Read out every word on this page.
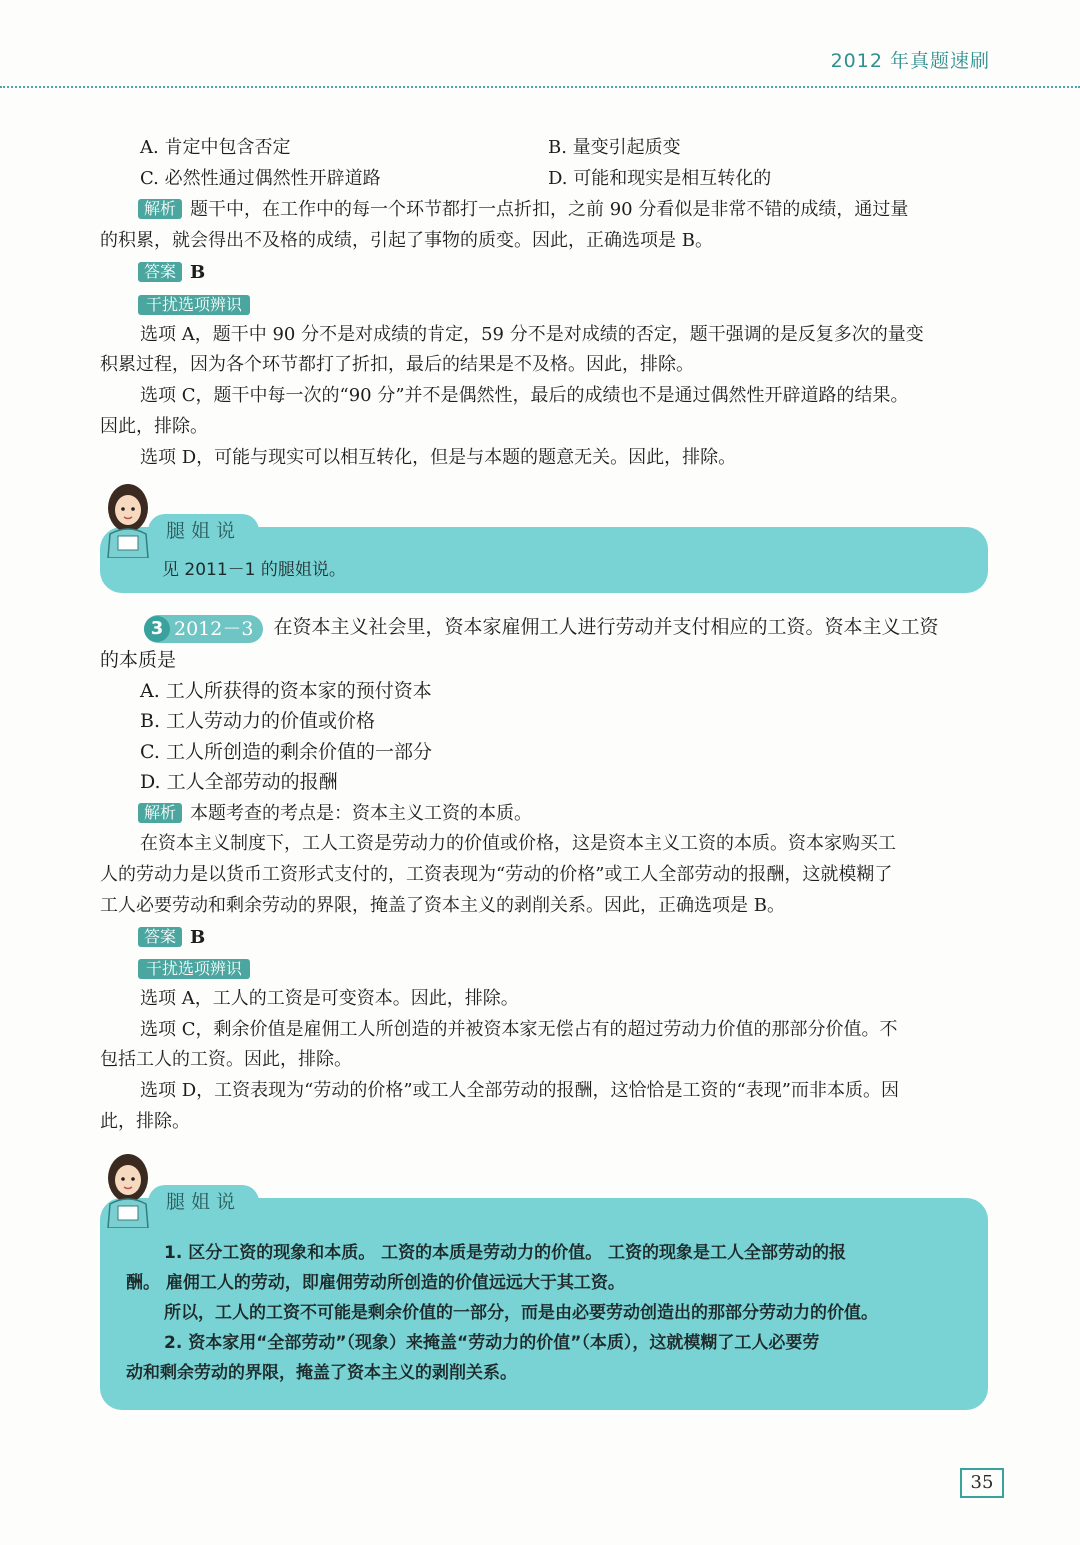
2012 年真题速刷
A. 肯定中包含否定	B. 量变引起质变
C. 必然性通过偶然性开辟道路	D. 可能和现实是相互转化的
解析 题干中，在工作中的每一个环节都打一点折扣，之前 90 分看似是非常不错的成绩，通过量
的积累，就会得出不及格的成绩，引起了事物的质变。因此，正确选项是 B。
答案 B
干扰选项辨识
选项 A，题干中 90 分不是对成绩的肯定，59 分不是对成绩的否定，题干强调的是反复多次的量变
积累过程，因为各个环节都打了折扣，最后的结果是不及格。因此，排除。
选项 C，题干中每一次的“90 分”并不是偶然性，最后的成绩也不是通过偶然性开辟道路的结果。
因此，排除。
选项 D，可能与现实可以相互转化，但是与本题的题意无关。因此，排除。
腿姐说
见 2011－1 的腿姐说。
3 2012－3 在资本主义社会里，资本家雇佣工人进行劳动并支付相应的工资。资本主义工资
的本质是
A. 工人所获得的资本家的预付资本
B. 工人劳动力的价值或价格
C. 工人所创造的剩余价值的一部分
D. 工人全部劳动的报酬
解析 本题考查的考点是：资本主义工资的本质。
在资本主义制度下，工人工资是劳动力的价值或价格，这是资本主义工资的本质。资本家购买工
人的劳动力是以货币工资形式支付的，工资表现为“劳动的价格”或工人全部劳动的报酬，这就模糊了
工人必要劳动和剩余劳动的界限，掩盖了资本主义的剥削关系。因此，正确选项是 B。
答案 B
干扰选项辨识
选项 A，工人的工资是可变资本。因此，排除。
选项 C，剩余价值是雇佣工人所创造的并被资本家无偿占有的超过劳动力价值的那部分价值。不
包括工人的工资。因此，排除。
选项 D，工资表现为“劳动的价格”或工人全部劳动的报酬，这恰恰是工资的“表现”而非本质。因
此，排除。
腿姐说
1. 区分工资的现象和本质。 工资的本质是劳动力的价值。 工资的现象是工人全部劳动的报
酬。 雇佣工人的劳动，即雇佣劳动所创造的价值远远大于其工资。
所以，工人的工资不可能是剩余价值的一部分，而是由必要劳动创造出的那部分劳动力的价值。
2. 资本家用“全部劳动”（现象）来掩盖“劳动力的价值”（本质），这就模糊了工人必要劳
动和剩余劳动的界限，掩盖了资本主义的剥削关系。
35
